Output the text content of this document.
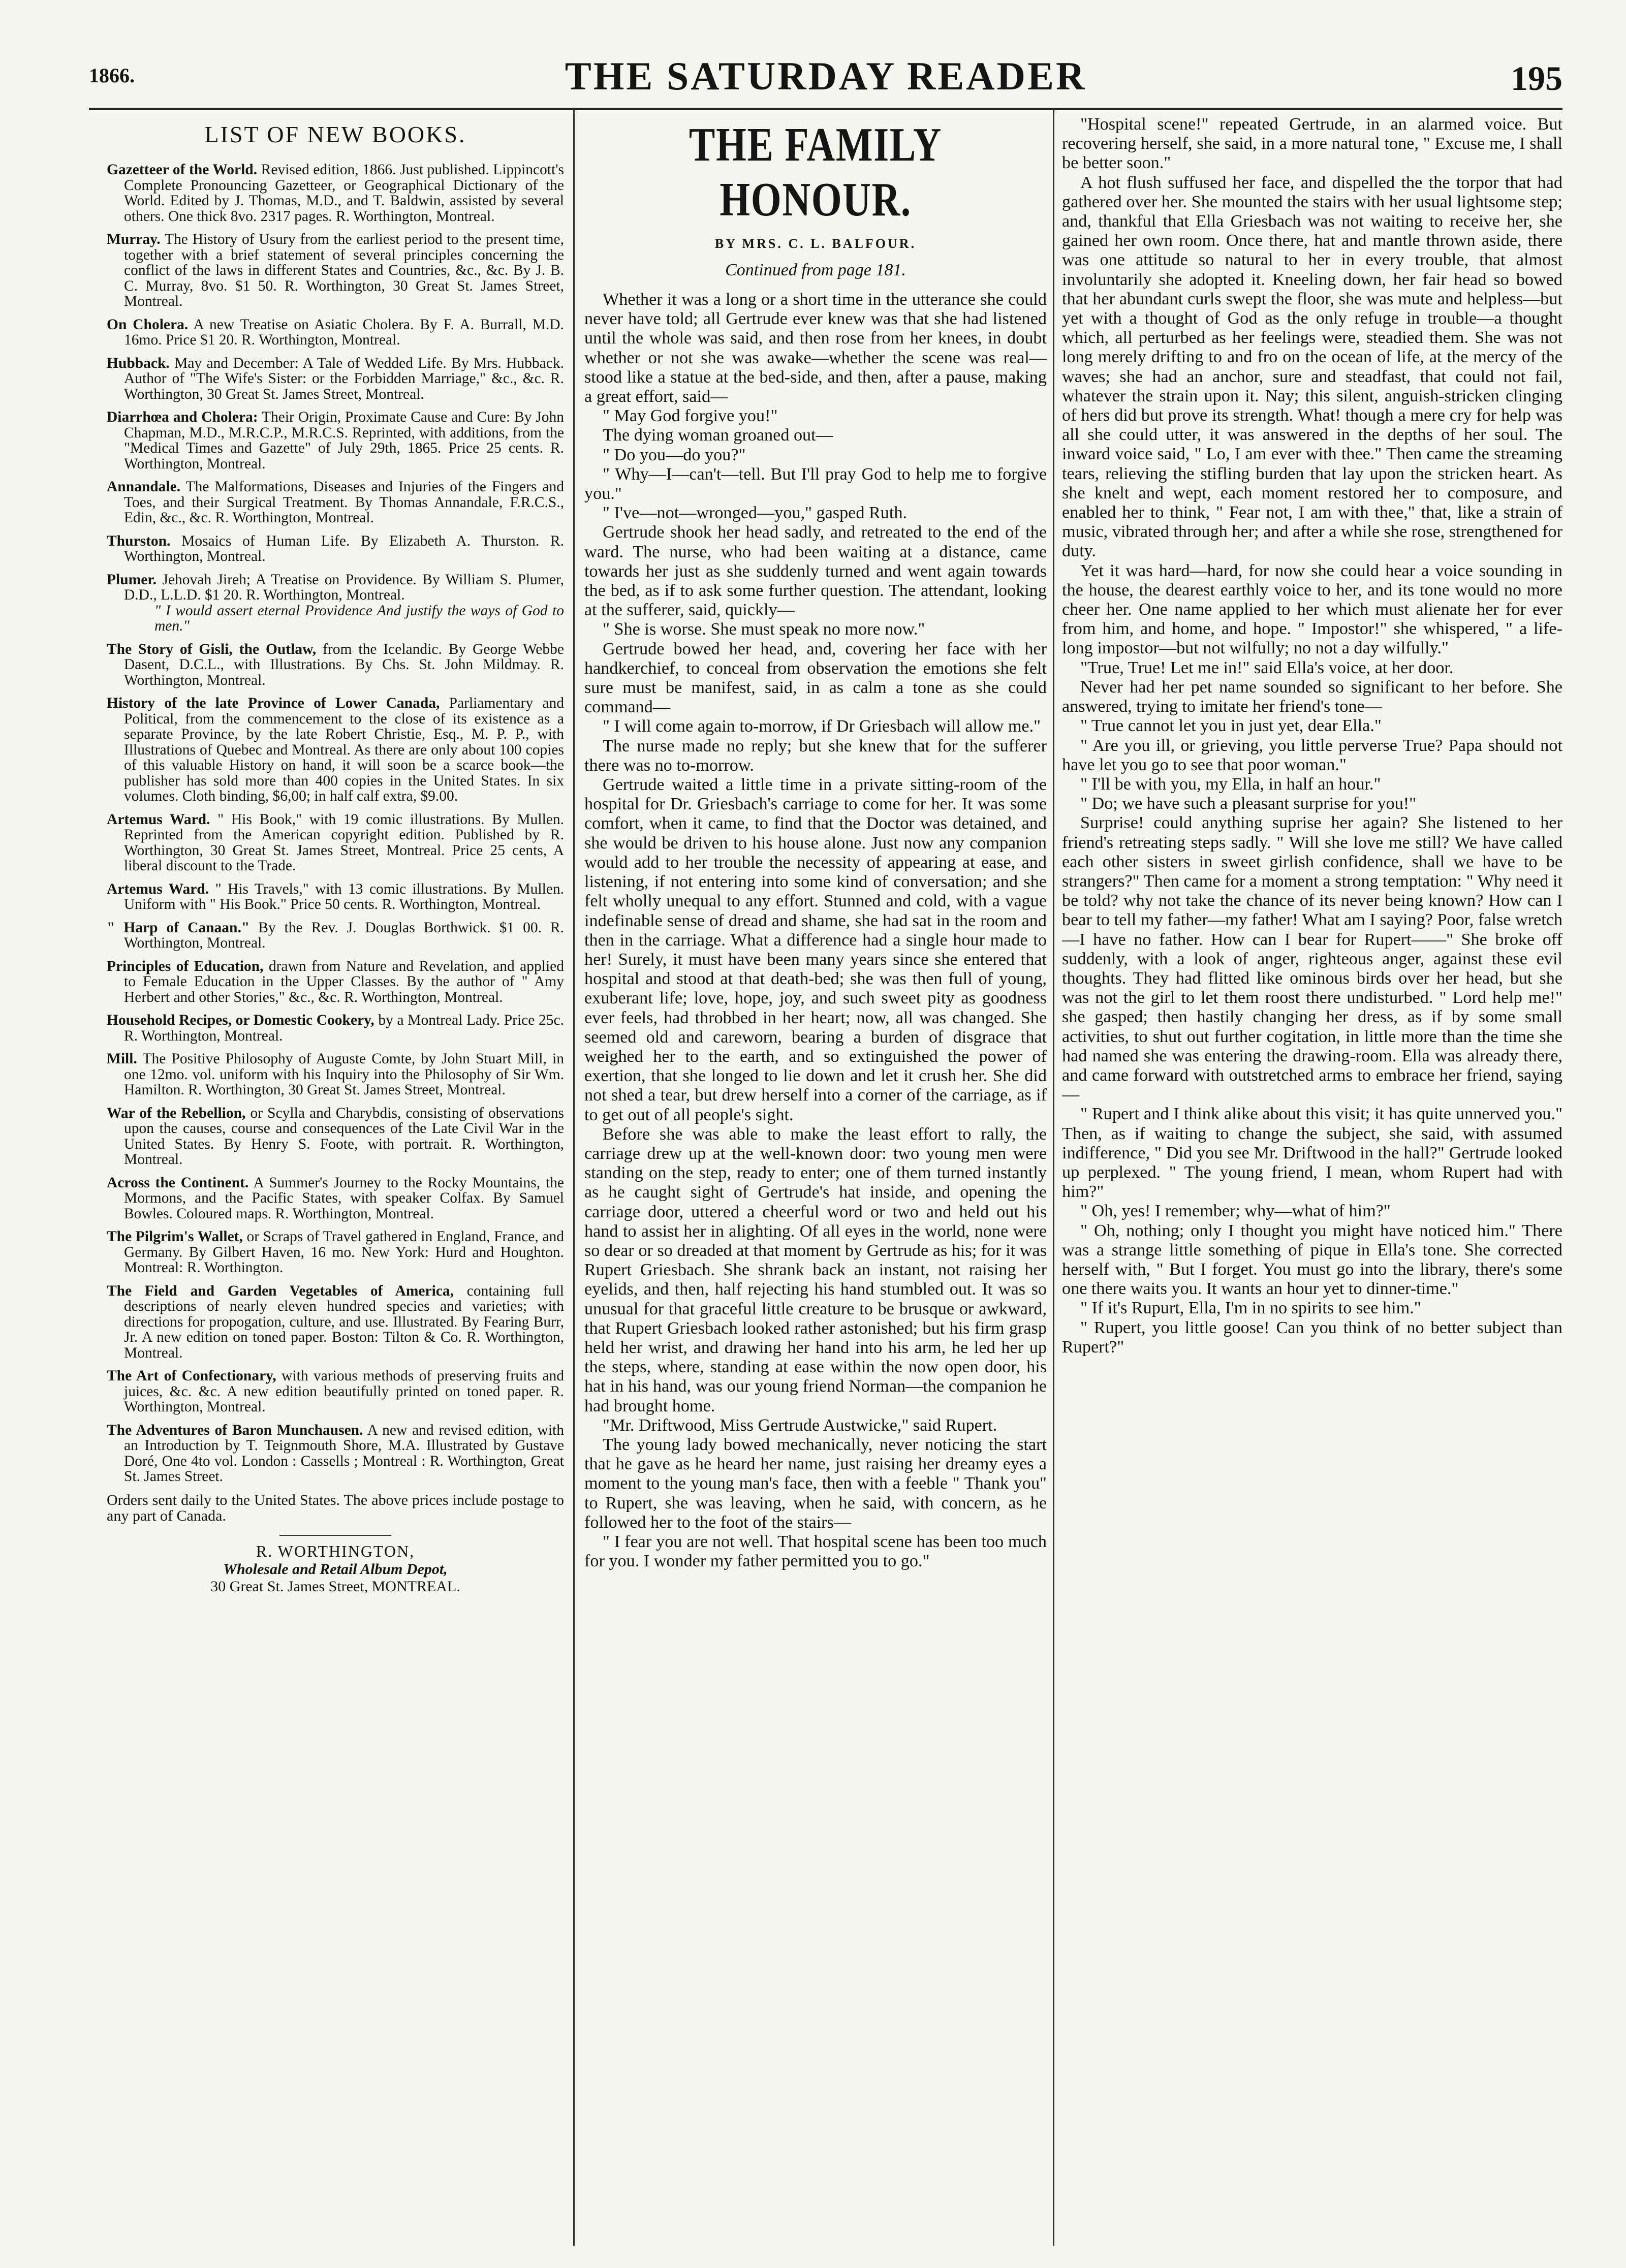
1866.	THE SATURDAY READER	195
LIST OF NEW BOOKS.
Gazetteer of the World. Revised edition, 1866. Just published. Lippincott's Complete Pronouncing Gazetteer, or Geographical Dictionary of the World. Edited by J. Thomas, M.D., and T. Baldwin, assisted by several others. One thick 8vo. 2317 pages. R. Worthington, Montreal.
Murray. The History of Usury from the earliest period to the present time, together with a brief statement of several principles concerning the conflict of the laws in different States and Countries, &c., &c. By J. B. C. Murray, 8vo. $1 50. R. Worthington, 30 Great St. James Street, Montreal.
On Cholera. A new Treatise on Asiatic Cholera. By F. A. Burrall, M.D. 16mo. Price $1 20. R. Worthington, Montreal.
Hubback. May and December: A Tale of Wedded Life. By Mrs. Hubback. Author of "The Wife's Sister: or the Forbidden Marriage," &c., &c. R. Worthington, 30 Great St. James Street, Montreal.
Diarrhœa and Cholera: Their Origin, Proximate Cause and Cure: By John Chapman, M.D., M.R.C.P., M.R.C.S. Reprinted, with additions, from the "Medical Times and Gazette" of July 29th, 1865. Price 25 cents. R. Worthington, Montreal.
Annandale. The Malformations, Diseases and Injuries of the Fingers and Toes, and their Surgical Treatment. By Thomas Annandale, F.R.C.S., Edin, &c., &c. R. Worthington, Montreal.
Thurston. Mosaics of Human Life. By Elizabeth A. Thurston. R. Worthington, Montreal.
Plumer. Jehovah Jireh; A Treatise on Providence. By William S. Plumer, D.D., L.L.D. $1 20. R. Worthington, Montreal.
" I would assert eternal Providence And justify the ways of God to men."
The Story of Gisli, the Outlaw, from the Icelandic. By George Webbe Dasent, D.C.L., with Illustrations. By Chs. St. John Mildmay. R. Worthington, Montreal.
History of the late Province of Lower Canada, Parliamentary and Political, from the commencement to the close of its existence as a separate Province, by the late Robert Christie, Esq., M. P. P., with Illustrations of Quebec and Montreal. As there are only about 100 copies of this valuable History on hand, it will soon be a scarce book—the publisher has sold more than 400 copies in the United States. In six volumes. Cloth binding, $6,00; in half calf extra, $9.00.
Artemus Ward. " His Book," with 19 comic illustrations. By Mullen. Reprinted from the American copyright edition. Published by R. Worthington, 30 Great St. James Street, Montreal. Price 25 cents, A liberal discount to the Trade.
Artemus Ward. " His Travels," with 13 comic illustrations. By Mullen. Uniform with " His Book." Price 50 cents. R. Worthington, Montreal.
" Harp of Canaan." By the Rev. J. Douglas Borthwick. $1 00. R. Worthington, Montreal.
Principles of Education, drawn from Nature and Revelation, and applied to Female Education in the Upper Classes. By the author of " Amy Herbert and other Stories," &c., &c. R. Worthington, Montreal.
Household Recipes, or Domestic Cookery, by a Montreal Lady. Price 25c. R. Worthington, Montreal.
Mill. The Positive Philosophy of Auguste Comte, by John Stuart Mill, in one 12mo. vol. uniform with his Inquiry into the Philosophy of Sir Wm. Hamilton. R. Worthington, 30 Great St. James Street, Montreal.
War of the Rebellion, or Scylla and Charybdis, consisting of observations upon the causes, course and consequences of the Late Civil War in the United States. By Henry S. Foote, with portrait. R. Worthington, Montreal.
Across the Continent. A Summer's Journey to the Rocky Mountains, the Mormons, and the Pacific States, with speaker Colfax. By Samuel Bowles. Coloured maps. R. Worthington, Montreal.
The Pilgrim's Wallet, or Scraps of Travel gathered in England, France, and Germany. By Gilbert Haven, 16 mo. New York: Hurd and Houghton. Montreal: R. Worthington.
The Field and Garden Vegetables of America, containing full descriptions of nearly eleven hundred species and varieties; with directions for propogation, culture, and use. Illustrated. By Fearing Burr, Jr. A new edition on toned paper. Boston: Tilton & Co. R. Worthington, Montreal.
The Art of Confectionary, with various methods of preserving fruits and juices, &c. &c. A new edition beautifully printed on toned paper. R. Worthington, Montreal.
The Adventures of Baron Munchausen. A new and revised edition, with an Introduction by T. Teignmouth Shore, M.A. Illustrated by Gustave Doré, One 4to vol. London : Cassells ; Montreal : R. Worthington, Great St. James Street.
Orders sent daily to the United States. The above prices include postage to any part of Canada.
R. WORTHINGTON,
Wholesale and Retail Album Depot,
30 Great St. James Street, MONTREAL.
THE FAMILY HONOUR.
BY MRS. C. L. BALFOUR.
Continued from page 181.

Whether it was a long or a short time in the utterance she could never have told; all Gertrude ever knew was that she had listened until the whole was said, and then rose from her knees, in doubt whether or not she was awake—whether the scene was real—stood like a statue at the bed-side, and then, after a pause, making a great effort, said—

" May God forgive you!"

The dying woman groaned out—

" Do you—do you?"

" Why—I—can't—tell. But I'll pray God to help me to forgive you."

" I've—not—wronged—you," gasped Ruth.

Gertrude shook her head sadly, and retreated to the end of the ward. The nurse, who had been waiting at a distance, came towards her just as she suddenly turned and went again towards the bed, as if to ask some further question. The attendant, looking at the sufferer, said, quickly—

" She is worse. She must speak no more now."

Gertrude bowed her head, and, covering her face with her handkerchief, to conceal from observation the emotions she felt sure must be manifest, said, in as calm a tone as she could command—

" I will come again to-morrow, if Dr Griesbach will allow me."

The nurse made no reply; but she knew that for the sufferer there was no to-morrow.

Gertrude waited a little time in a private sitting-room of the hospital for Dr. Griesbach's carriage to come for her. It was some comfort, when it came, to find that the Doctor was detained, and she would be driven to his house alone. Just now any companion would add to her trouble the necessity of appearing at ease, and listening, if not entering into some kind of conversation; and she felt wholly unequal to any effort. Stunned and cold, with a vague indefinable sense of dread and shame, she had sat in the room and then in the carriage. What a difference had a single hour made to her! Surely, it must have been many years since she entered that hospital and stood at that death-bed; she was then full of young, exuberant life; love, hope, joy, and such sweet pity as goodness ever feels, had throbbed in her heart; now, all was changed. She seemed old and careworn, bearing a burden of disgrace that weighed her to the earth, and so extinguished the power of exertion, that she longed to lie down and let it crush her. She did not shed a tear, but drew herself into a corner of the carriage, as if to get out of all people's sight.

Before she was able to make the least effort to rally, the carriage drew up at the well-known door: two young men were standing on the step, ready to enter; one of them turned instantly as he caught sight of Gertrude's hat inside, and opening the carriage door, uttered a cheerful word or two and held out his hand to assist her in alighting. Of all eyes in the world, none were so dear or so dreaded at that moment by Gertrude as his; for it was Rupert Griesbach. She shrank back an instant, not raising her eyelids, and then, half rejecting his hand stumbled out. It was so unusual for that graceful little creature to be brusque or awkward, that Rupert Griesbach looked rather astonished; but his firm grasp held her wrist, and drawing her hand into his arm, he led her up the steps, where, standing at ease within the now open door, his hat in his hand, was our young friend Norman—the companion he had brought home.

"Mr. Driftwood, Miss Gertrude Austwicke," said Rupert.

The young lady bowed mechanically, never noticing the start that he gave as he heard her name, just raising her dreamy eyes a moment to the young man's face, then with a feeble " Thank you" to Rupert, she was leaving, when he said, with concern, as he followed her to the foot of the stairs—

" I fear you are not well. That hospital scene has been too much for you. I wonder my father permitted you to go."

"Hospital scene!" repeated Gertrude, in an alarmed voice. But recovering herself, she said, in a more natural tone, " Excuse me, I shall be better soon."

A hot flush suffused her face, and dispelled the the torpor that had gathered over her. She mounted the stairs with her usual lightsome step; and, thankful that Ella Griesbach was not waiting to receive her, she gained her own room. Once there, hat and mantle thrown aside, there was one attitude so natural to her in every trouble, that almost involuntarily she adopted it. Kneeling down, her fair head so bowed that her abundant curls swept the floor, she was mute and helpless—but yet with a thought of God as the only refuge in trouble—a thought which, all perturbed as her feelings were, steadied them. She was not long merely drifting to and fro on the ocean of life, at the mercy of the waves; she had an anchor, sure and steadfast, that could not fail, whatever the strain upon it. Nay; this silent, anguish-stricken clinging of hers did but prove its strength. What! though a mere cry for help was all she could utter, it was answered in the depths of her soul. The inward voice said, " Lo, I am ever with thee." Then came the streaming tears, relieving the stifling burden that lay upon the stricken heart. As she knelt and wept, each moment restored her to composure, and enabled her to think, " Fear not, I am with thee," that, like a strain of music, vibrated through her; and after a while she rose, strengthened for duty.

Yet it was hard—hard, for now she could hear a voice sounding in the house, the dearest earthly voice to her, and its tone would no more cheer her. One name applied to her which must alienate her for ever from him, and home, and hope. " Impostor!" she whispered, " a life-long impostor—but not wilfully; no not a day wilfully."

"True, True! Let me in!" said Ella's voice, at her door.

Never had her pet name sounded so significant to her before. She answered, trying to imitate her friend's tone—

" True cannot let you in just yet, dear Ella."

" Are you ill, or grieving, you little perverse True? Papa should not have let you go to see that poor woman."

" I'll be with you, my Ella, in half an hour."

" Do; we have such a pleasant surprise for you!"

Surprise! could anything suprise her again? She listened to her friend's retreating steps sadly. " Will she love me still? We have called each other sisters in sweet girlish confidence, shall we have to be strangers?" Then came for a moment a strong temptation: " Why need it be told? why not take the chance of its never being known? How can I bear to tell my father—my father! What am I saying? Poor, false wretch—I have no father. How can I bear for Rupert——" She broke off suddenly, with a look of anger, righteous anger, against these evil thoughts. They had flitted like ominous birds over her head, but she was not the girl to let them roost there undisturbed. " Lord help me!" she gasped; then hastily changing her dress, as if by some small activities, to shut out further cogitation, in little more than the time she had named she was entering the drawing-room. Ella was already there, and came forward with outstretched arms to embrace her friend, saying—

" Rupert and I think alike about this visit; it has quite unnerved you." Then, as if waiting to change the subject, she said, with assumed indifference, " Did you see Mr. Driftwood in the hall?" Gertrude looked up perplexed. " The young friend, I mean, whom Rupert had with him?"

" Oh, yes! I remember; why—what of him?"

" Oh, nothing; only I thought you might have noticed him." There was a strange little something of pique in Ella's tone. She corrected herself with, " But I forget. You must go into the library, there's some one there waits you. It wants an hour yet to dinner-time."

" If it's Rupurt, Ella, I'm in no spirits to see him."

" Rupert, you little goose! Can you think of no better subject than Rupert?"
